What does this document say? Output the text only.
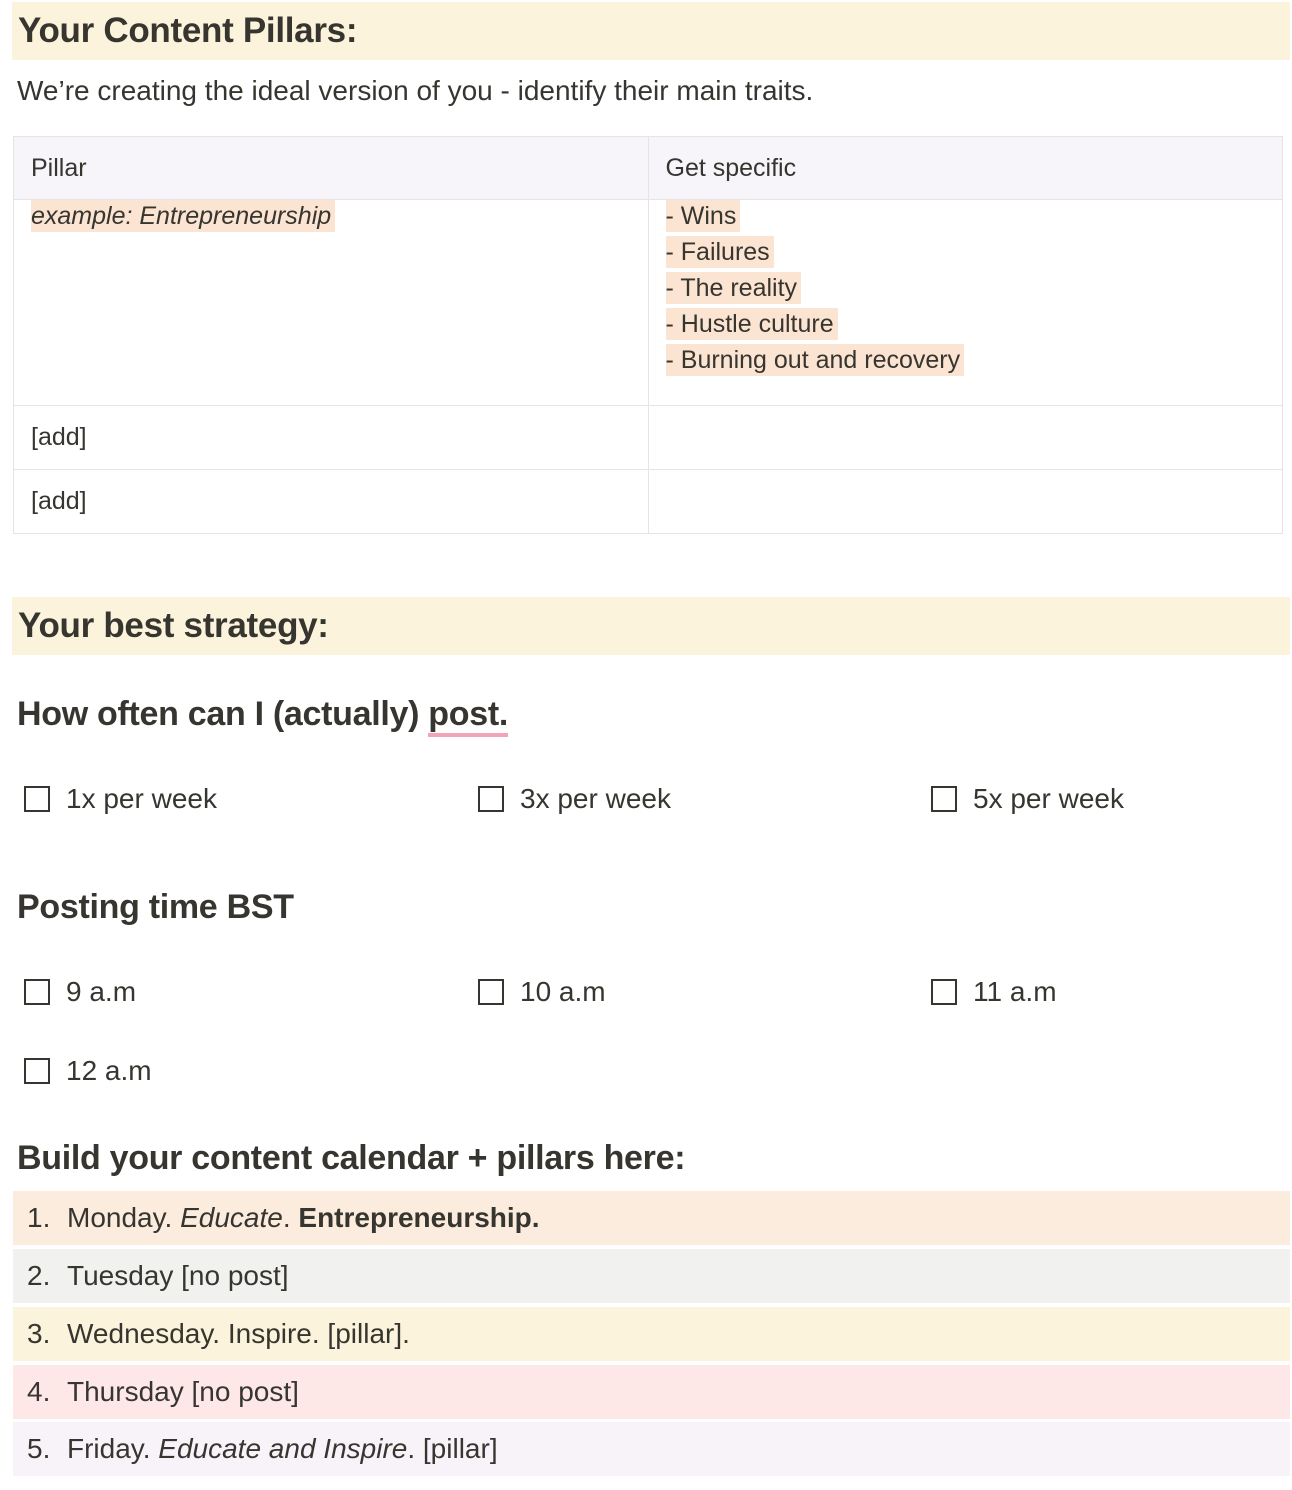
Your Content Pillars:
We’re creating the ideal version of you - identify their main traits.
Pillar	Get specific
example: Entrepreneurship	- Wins
- Failures
- The reality
- Hustle culture
- Burning out and recovery

[add]	
[add]	
Your best strategy:
How often can I (actually) post.
1x per week	3x per week	5x per week
Posting time BST
9 a.m	10 a.m	11 a.m
12 a.m
Build your content calendar + pillars here:
1. Monday. Educate. Entrepreneurship.
2. Tuesday [no post]
3. Wednesday. Inspire. [pillar].
4. Thursday [no post]
5. Friday. Educate and Inspire. [pillar]
